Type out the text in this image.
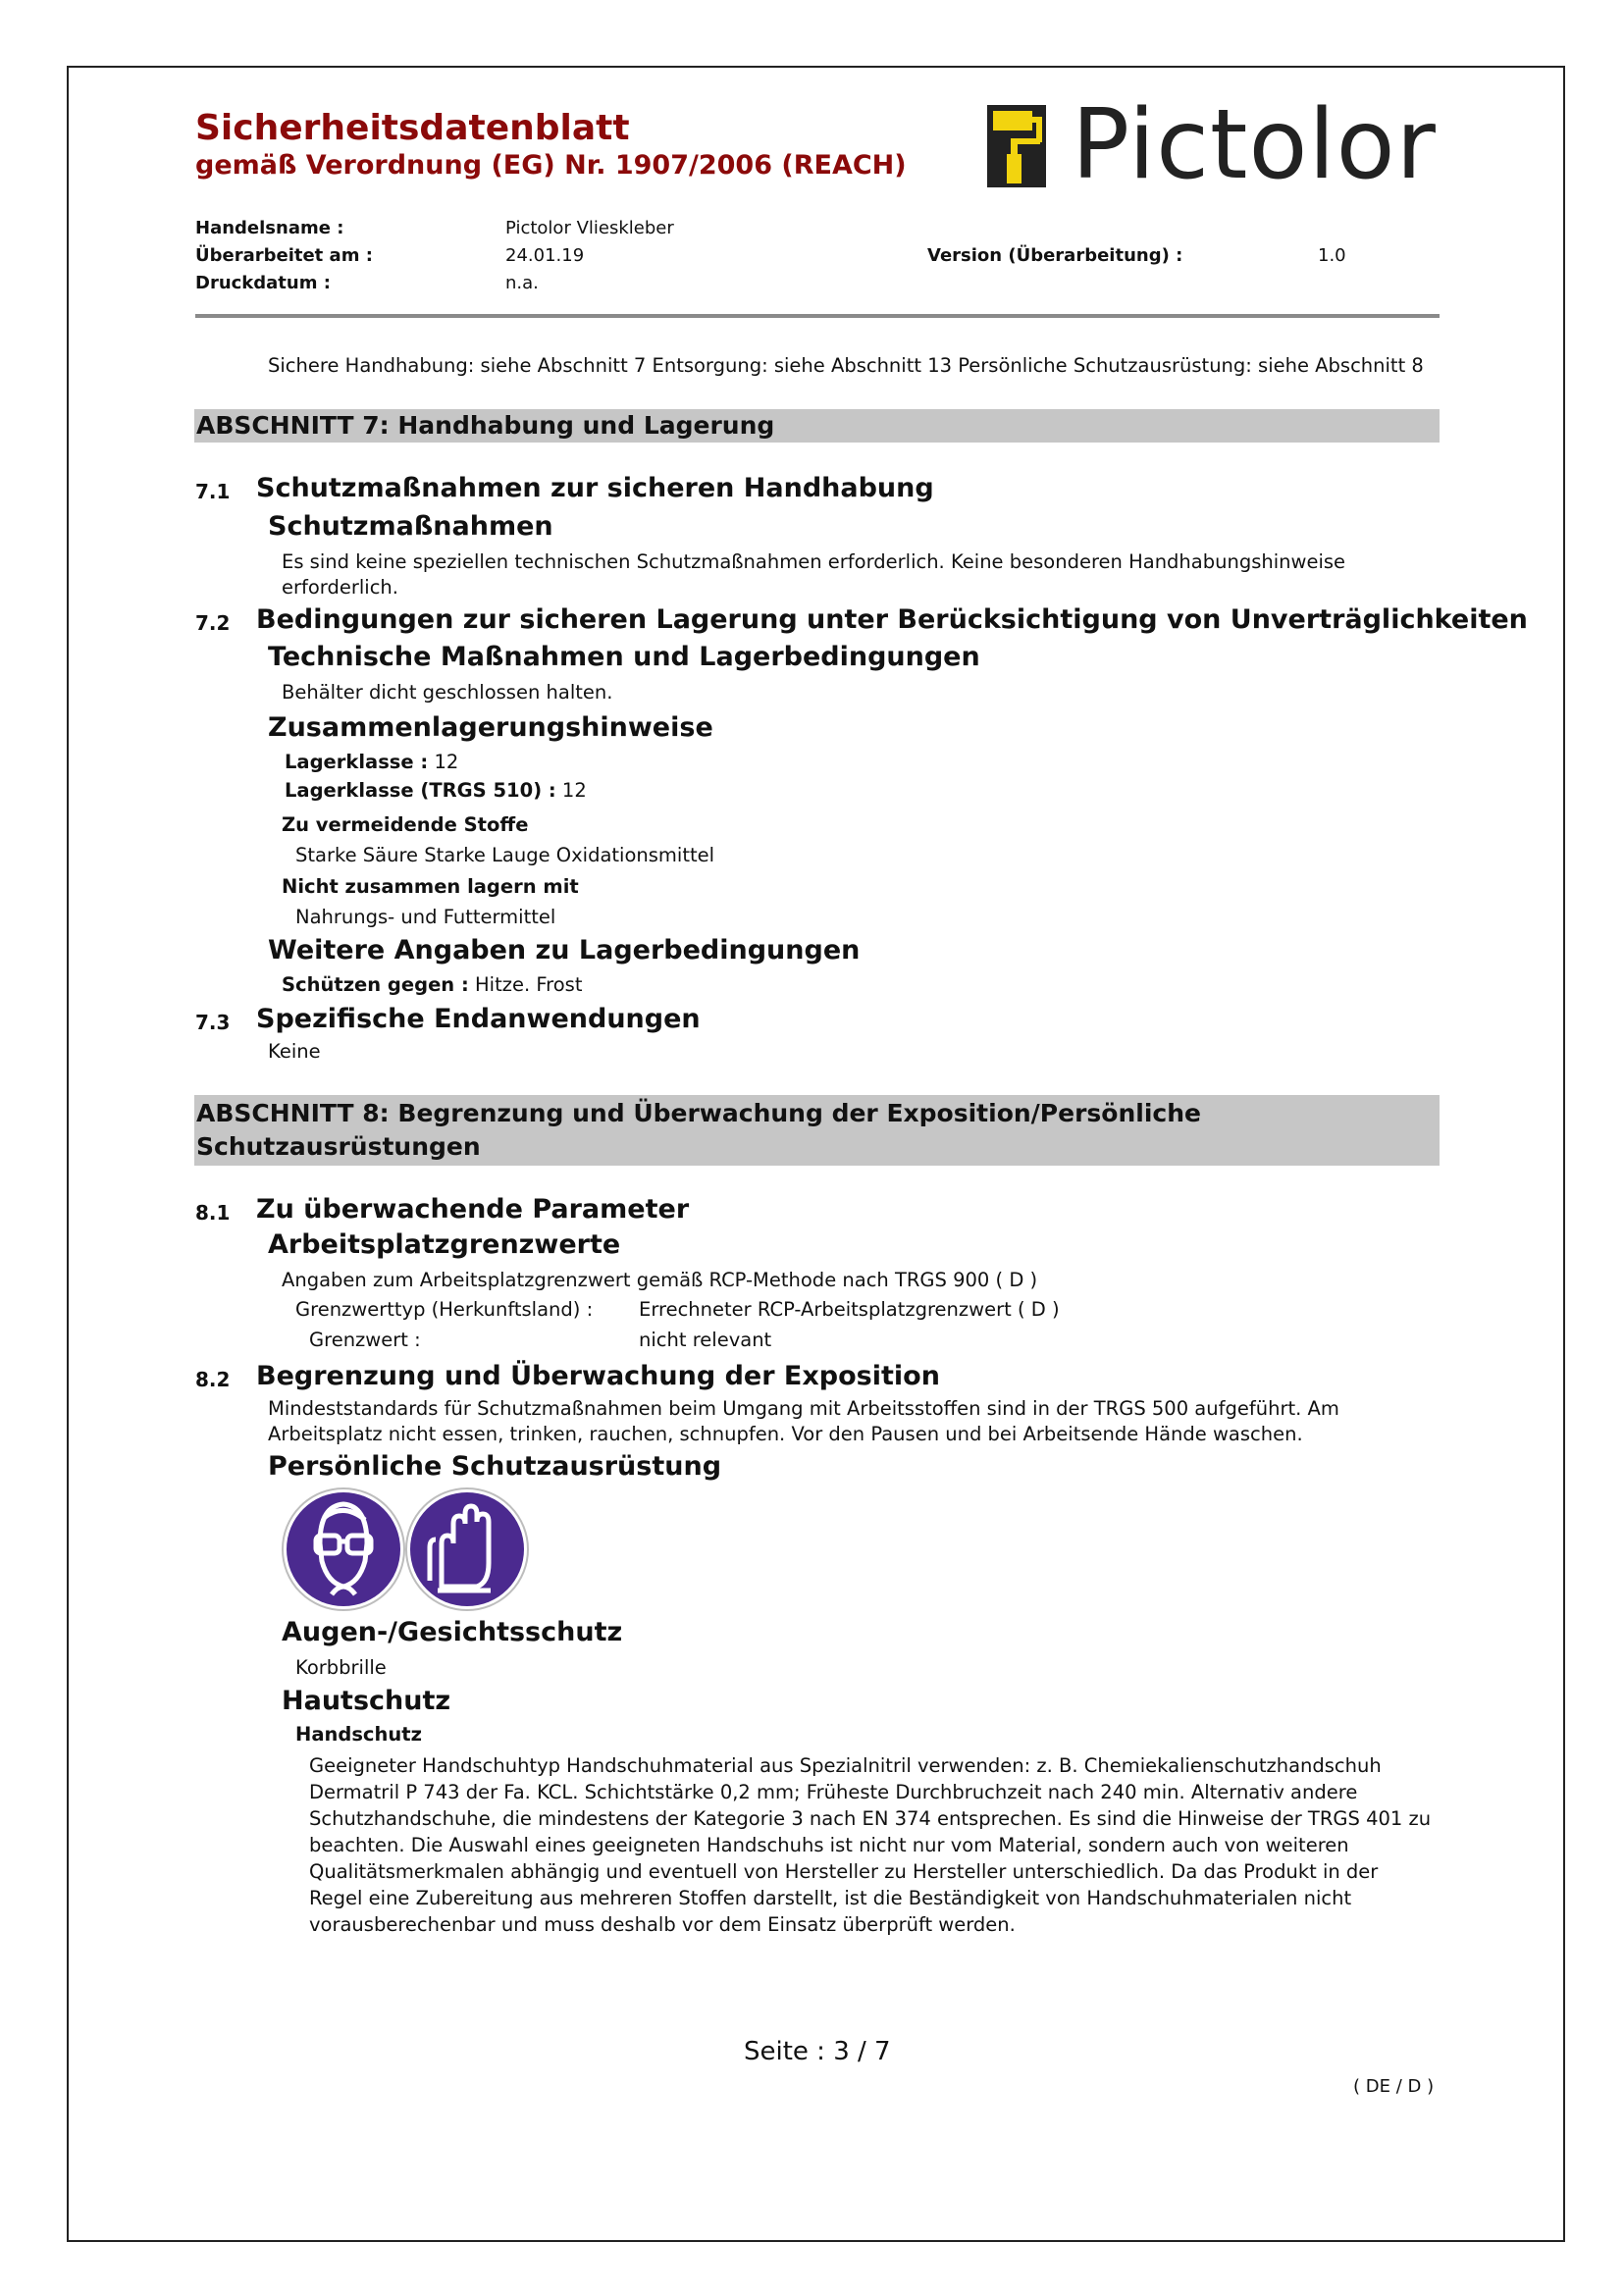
Sicherheitsdatenblatt
gemäß Verordnung (EG) Nr. 1907/2006 (REACH) Pictolor
Handelsname :	Pictolor Vlieskleber
Überarbeitet am :	24.01.19	Version (Überarbeitung) :	1.0
Druckdatum :	n.a.
Sichere Handhabung: siehe Abschnitt 7 Entsorgung: siehe Abschnitt 13 Persönliche Schutzausrüstung: siehe Abschnitt 8
ABSCHNITT 7: Handhabung und Lagerung
7.1 Schutzmaßnahmen zur sicheren Handhabung
Schutzmaßnahmen
Es sind keine speziellen technischen Schutzmaßnahmen erforderlich. Keine besonderen Handhabungshinweise
erforderlich.
7.2 Bedingungen zur sicheren Lagerung unter Berücksichtigung von Unverträglichkeiten
Technische Maßnahmen und Lagerbedingungen
Behälter dicht geschlossen halten.
Zusammenlagerungshinweise
Lagerklasse : 12
Lagerklasse (TRGS 510) : 12
Zu vermeidende Stoffe
Starke Säure Starke Lauge Oxidationsmittel
Nicht zusammen lagern mit
Nahrungs- und Futtermittel
Weitere Angaben zu Lagerbedingungen
Schützen gegen : Hitze. Frost
7.3 Spezifische Endanwendungen
Keine
ABSCHNITT 8: Begrenzung und Überwachung der Exposition/Persönliche
Schutzausrüstungen
8.1 Zu überwachende Parameter
Arbeitsplatzgrenzwerte
Angaben zum Arbeitsplatzgrenzwert gemäß RCP-Methode nach TRGS 900 ( D )
Grenzwerttyp (Herkunftsland) : Errechneter RCP-Arbeitsplatzgrenzwert ( D )
Grenzwert :	nicht relevant
8.2 Begrenzung und Überwachung der Exposition
Mindeststandards für Schutzmaßnahmen beim Umgang mit Arbeitsstoffen sind in der TRGS 500 aufgeführt. Am
Arbeitsplatz nicht essen, trinken, rauchen, schnupfen. Vor den Pausen und bei Arbeitsende Hände waschen.
Persönliche Schutzausrüstung
Augen-/Gesichtsschutz
Korbbrille
Hautschutz
Handschutz
Geeigneter Handschuhtyp Handschuhmaterial aus Spezialnitril verwenden: z. B. Chemiekalienschutzhandschuh
Dermatril P 743 der Fa. KCL. Schichtstärke 0,2 mm; Früheste Durchbruchzeit nach 240 min. Alternativ andere
Schutzhandschuhe, die mindestens der Kategorie 3 nach EN 374 entsprechen. Es sind die Hinweise der TRGS 401 zu
beachten. Die Auswahl eines geeigneten Handschuhs ist nicht nur vom Material, sondern auch von weiteren
Qualitätsmerkmalen abhängig und eventuell von Hersteller zu Hersteller unterschiedlich. Da das Produkt in der
Regel eine Zubereitung aus mehreren Stoffen darstellt, ist die Beständigkeit von Handschuhmaterialen nicht
vorausberechenbar und muss deshalb vor dem Einsatz überprüft werden.
Seite : 3 / 7
( DE / D )
